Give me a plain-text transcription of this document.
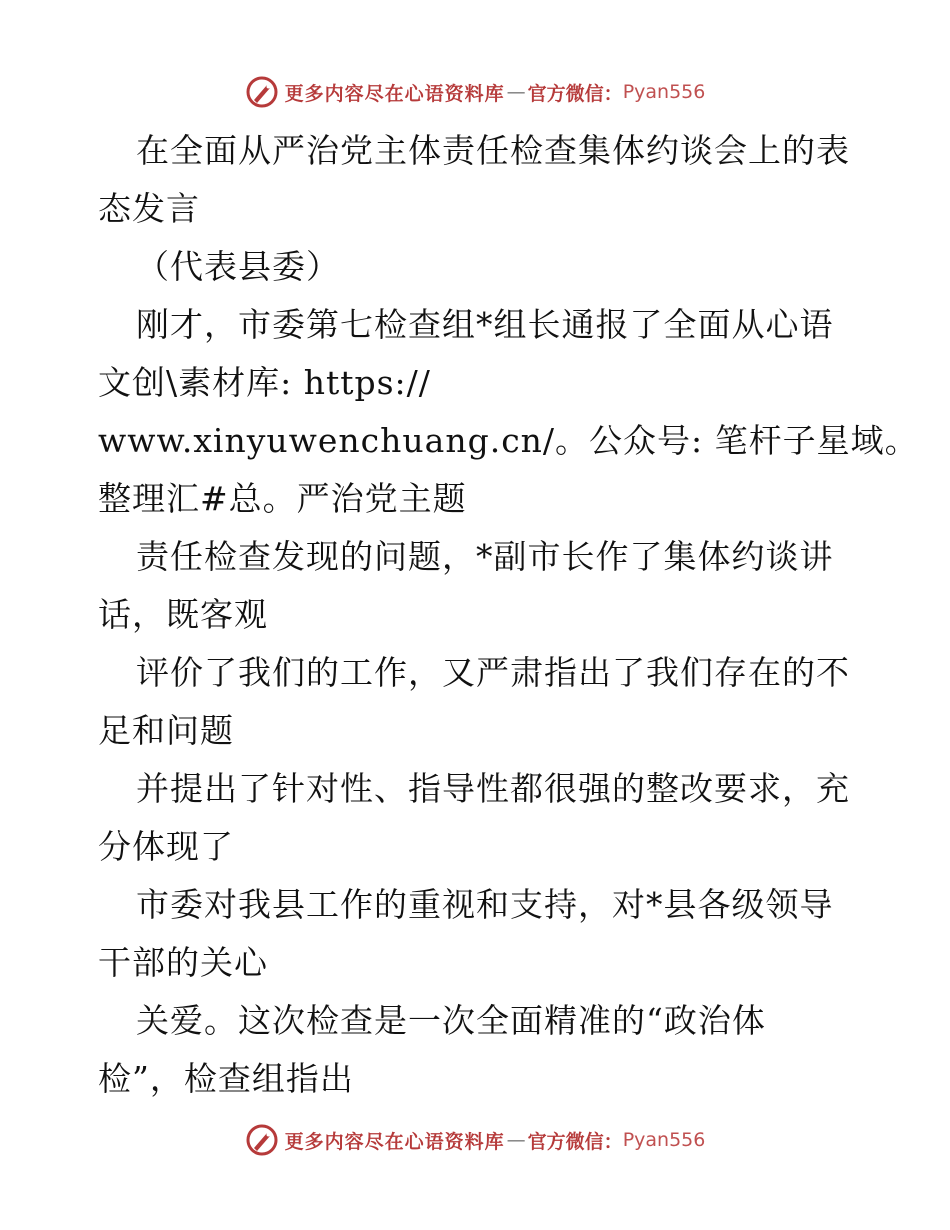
更多内容尽在心语资料库 — 官方微信： Pyan556
在全面从严治党主体责任检查集体约谈会上的表
态发言
（代表县委）
刚才，市委第七检查组*组长通报了全面从心语
文创\素材库: https://
www.xinyuwenchuang.cn/。公众号: 笔杆子星域。
整理汇#总。严治党主题
责任检查发现的问题，*副市长作了集体约谈讲
话，既客观
评价了我们的工作，又严肃指出了我们存在的不
足和问题
并提出了针对性、指导性都很强的整改要求，充
分体现了
市委对我县工作的重视和支持，对*县各级领导
干部的关心
关爱。这次检查是一次全面精准的“政治体
检”，检查组指出
更多内容尽在心语资料库 — 官方微信： Pyan556
